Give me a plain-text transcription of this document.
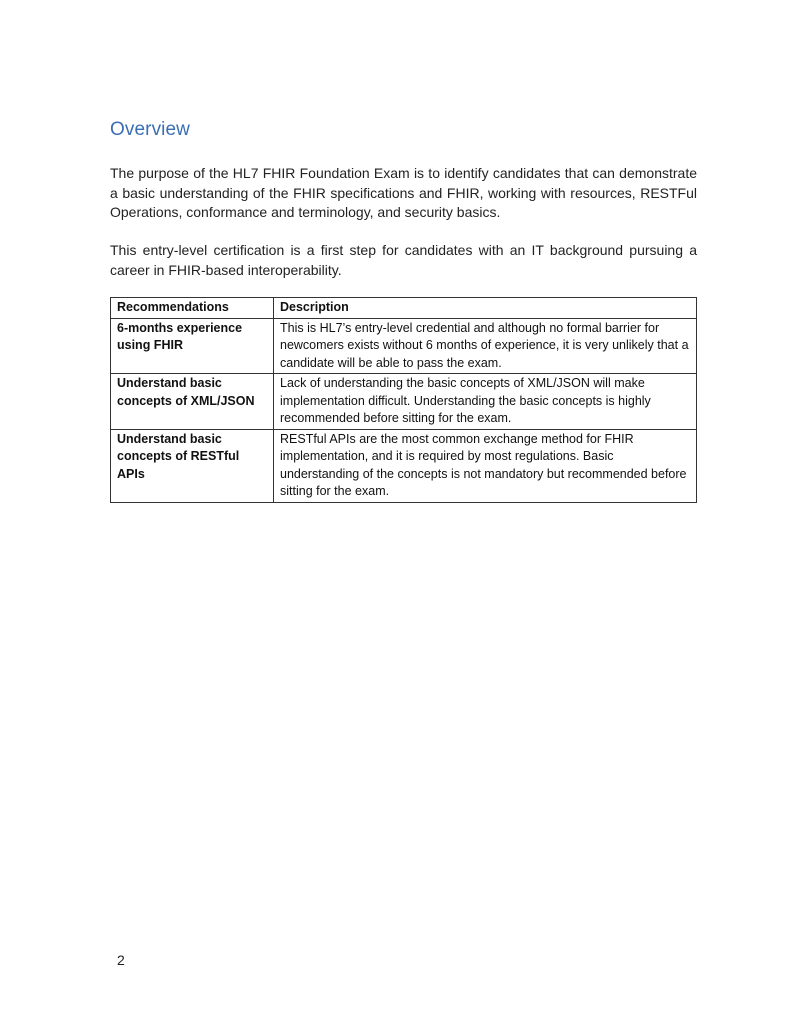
Overview

The purpose of the HL7 FHIR Foundation Exam is to identify candidates that can demonstrate a basic understanding of the FHIR specifications and FHIR, working with resources, RESTFul Operations, conformance and terminology, and security basics.

This entry-level certification is a first step for candidates with an IT background pursuing a career in FHIR-based interoperability.

Recommendations	Description
6-months experience using FHIR	This is HL7’s entry-level credential and although no formal barrier for newcomers exists without 6 months of experience, it is very unlikely that a candidate will be able to pass the exam.
Understand basic concepts of XML/JSON	Lack of understanding the basic concepts of XML/JSON will make implementation difficult. Understanding the basic concepts is highly recommended before sitting for the exam.
Understand basic concepts of RESTful APIs	RESTful APIs are the most common exchange method for FHIR implementation, and it is required by most regulations. Basic understanding of the concepts is not mandatory but recommended before sitting for the exam.
2
